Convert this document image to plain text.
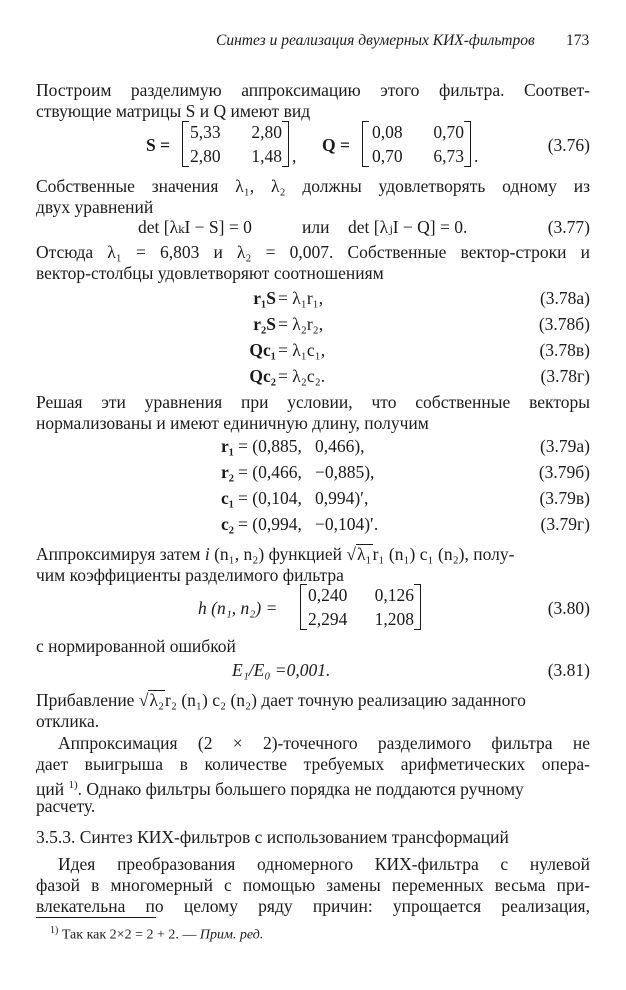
Синтез и реализация двумерных КИХ-фильтров 173
Построим разделимую аппроксимацию этого фильтра. Соответ-
ствующие матрицы S и Q имеют вид
S =
5,33 2,80
2,80 1,48 ,
Q =
0,08 0,70
0,70 6,73 .
(3.76)
Собственные значения λ₁, λ₂ должны удовлетворять одному из
двух уравнений
det [λₖI − S] = 0	или det [λⱼI − Q] = 0.	(3.77)
Отсюда λ₁ = 6,803 и λ₂ = 0,007. Собственные вектор-строки и
вектор-столбцы удовлетворяют соотношениям
r₁S = λ₁r₁,	(3.78а)
r₂S = λ₂r₂,	(3.78б)
Qc₁ = λ₁c₁,	(3.78в)
Qc₂ = λ₂c₂.	(3.78г)
Решая эти уравнения при условии, что собственные векторы
нормализованы и имеют единичную длину, получим
r₁ = (0,885,   0,466),	(3.79а)
r₂ = (0,466,   −0,885),	(3.79б)
c₁ = (0,104,   0,994)′,	(3.79в)
c₂ = (0,994,   −0,104)′.	(3.79г)
Аппроксимируя затем i (n₁, n₂) функцией √λ₁r₁ (n₁) c₁ (n₂), полу-
чим коэффициенты разделимого фильтра
h (n₁, n₂) =
0,240 0,126
2,294 1,208
(3.80)
с нормированной ошибкой
E₁/E₀ =0,001.	(3.81)
Прибавление √λ₂r₂ (n₁) c₂ (n₂) дает точную реализацию заданного
отклика.
Аппроксимация (2 × 2)-точечного разделимого фильтра не
дает выигрыша в количестве требуемых арифметических опера-
ций $^{1)}$. Однако фильтры большего порядка не поддаются ручному
расчету.
3.5.3. Синтез КИХ-фильтров с использованием трансформаций
Идея преобразования одномерного КИХ-фильтра с нулевой
фазой в многомерный с помощью замены переменных весьма при-
влекательна по целому ряду причин: упрощается реализация,
$^{1)}$ Так как 2×2 = 2 + 2. — Прим. ред.
